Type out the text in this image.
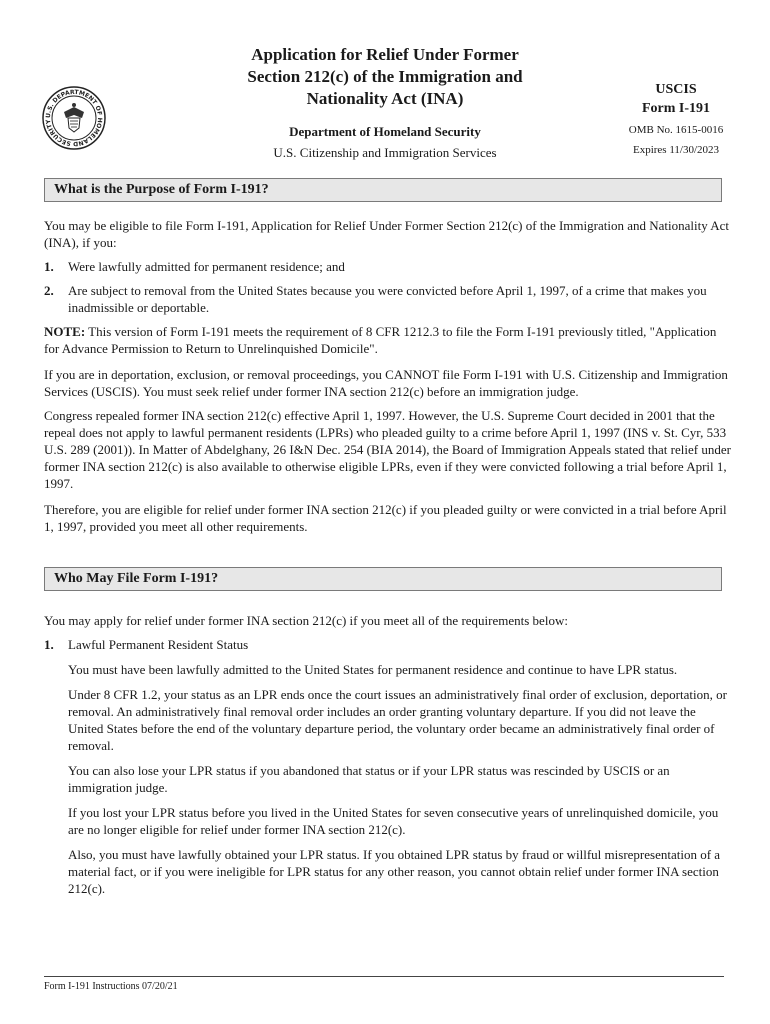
U.S. DEPARTMENT OF HOMELAND SECURITY
Application for Relief Under Former
Section 212(c) of the Immigration and
Nationality Act (INA)
Department of Homeland Security
U.S. Citizenship and Immigration Services
USCIS
Form I-191
OMB No. 1615-0016
Expires 11/30/2023
What is the Purpose of Form I-191?
You may be eligible to file Form I-191, Application for Relief Under Former Section 212(c) of the Immigration and Nationality Act (INA), if you:
1. Were lawfully admitted for permanent residence; and
2. Are subject to removal from the United States because you were convicted before April 1, 1997, of a crime that makes you inadmissible or deportable.
NOTE: This version of Form I-191 meets the requirement of 8 CFR 1212.3 to file the Form I-191 previously titled, "Application for Advance Permission to Return to Unrelinquished Domicile".
If you are in deportation, exclusion, or removal proceedings, you CANNOT file Form I-191 with U.S. Citizenship and Immigration Services (USCIS). You must seek relief under former INA section 212(c) before an immigration judge.
Congress repealed former INA section 212(c) effective April 1, 1997. However, the U.S. Supreme Court decided in 2001 that the repeal does not apply to lawful permanent residents (LPRs) who pleaded guilty to a crime before April 1, 1997 (INS v. St. Cyr, 533 U.S. 289 (2001)). In Matter of Abdelghany, 26 I&N Dec. 254 (BIA 2014), the Board of Immigration Appeals stated that relief under former INA section 212(c) is also available to otherwise eligible LPRs, even if they were convicted following a trial before April 1, 1997.
Therefore, you are eligible for relief under former INA section 212(c) if you pleaded guilty or were convicted in a trial before April 1, 1997, provided you meet all other requirements.
Who May File Form I-191?
You may apply for relief under former INA section 212(c) if you meet all of the requirements below:
1. Lawful Permanent Resident Status
You must have been lawfully admitted to the United States for permanent residence and continue to have LPR status.
Under 8 CFR 1.2, your status as an LPR ends once the court issues an administratively final order of exclusion, deportation, or removal. An administratively final removal order includes an order granting voluntary departure. If you did not leave the United States before the end of the voluntary departure period, the voluntary order became an administratively final order of removal.
You can also lose your LPR status if you abandoned that status or if your LPR status was rescinded by USCIS or an immigration judge.
If you lost your LPR status before you lived in the United States for seven consecutive years of unrelinquished domicile, you are no longer eligible for relief under former INA section 212(c).
Also, you must have lawfully obtained your LPR status. If you obtained LPR status by fraud or willful misrepresentation of a material fact, or if you were ineligible for LPR status for any other reason, you cannot obtain relief under former INA section 212(c).
Form I-191 Instructions 07/20/21
